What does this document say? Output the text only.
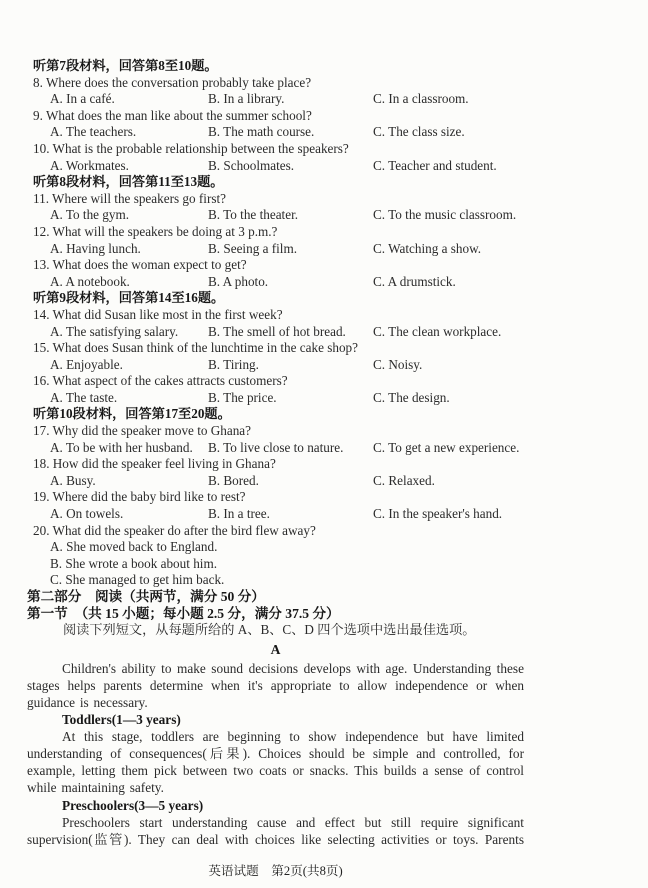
听第7段材料，回答第8至10题。
8. Where does the conversation probably take place?
A. In a café.	B. In a library.	C. In a classroom.
9. What does the man like about the summer school?
A. The teachers.	B. The math course.	C. The class size.
10. What is the probable relationship between the speakers?
A. Workmates.	B. Schoolmates.	C. Teacher and student.
听第8段材料，回答第11至13题。
11. Where will the speakers go first?
A. To the gym.	B. To the theater.	C. To the music classroom.
12. What will the speakers be doing at 3 p.m.?
A. Having lunch.	B. Seeing a film.	C. Watching a show.
13. What does the woman expect to get?
A. A notebook.	B. A photo.	C. A drumstick.
听第9段材料，回答第14至16题。
14. What did Susan like most in the first week?
A. The satisfying salary.	B. The smell of hot bread.	C. The clean workplace.
15. What does Susan think of the lunchtime in the cake shop?
A. Enjoyable.	B. Tiring.	C. Noisy.
16. What aspect of the cakes attracts customers?
A. The taste.	B. The price.	C. The design.
听第10段材料，回答第17至20题。
17. Why did the speaker move to Ghana?
A. To be with her husband.	B. To live close to nature.	C. To get a new experience.
18. How did the speaker feel living in Ghana?
A. Busy.	B. Bored.	C. Relaxed.
19. Where did the baby bird like to rest?
A. On towels.	B. In a tree.	C. In the speaker's hand.
20. What did the speaker do after the bird flew away?
A. She moved back to England.
B. She wrote a book about him.
C. She managed to get him back.
第二部分　阅读（共两节，满分 50 分）
第一节　（共 15 小题；每小题 2.5 分，满分 37.5 分）
阅读下列短文，从每题所给的 A、B、C、D 四个选项中选出最佳选项。
A
Children's ability to make sound decisions develops with age. Understanding these stages helps parents determine when it's appropriate to allow independence or when guidance is necessary.
Toddlers(1—3 years)
At this stage, toddlers are beginning to show independence but have limited understanding of consequences(后果). Choices should be simple and controlled, for example, letting them pick between two coats or snacks. This builds a sense of control while maintaining safety.
Preschoolers(3—5 years)
Preschoolers start understanding cause and effect but still require significant supervision(监管). They can deal with choices like selecting activities or toys. Parents
英语试题　第2页(共8页)
